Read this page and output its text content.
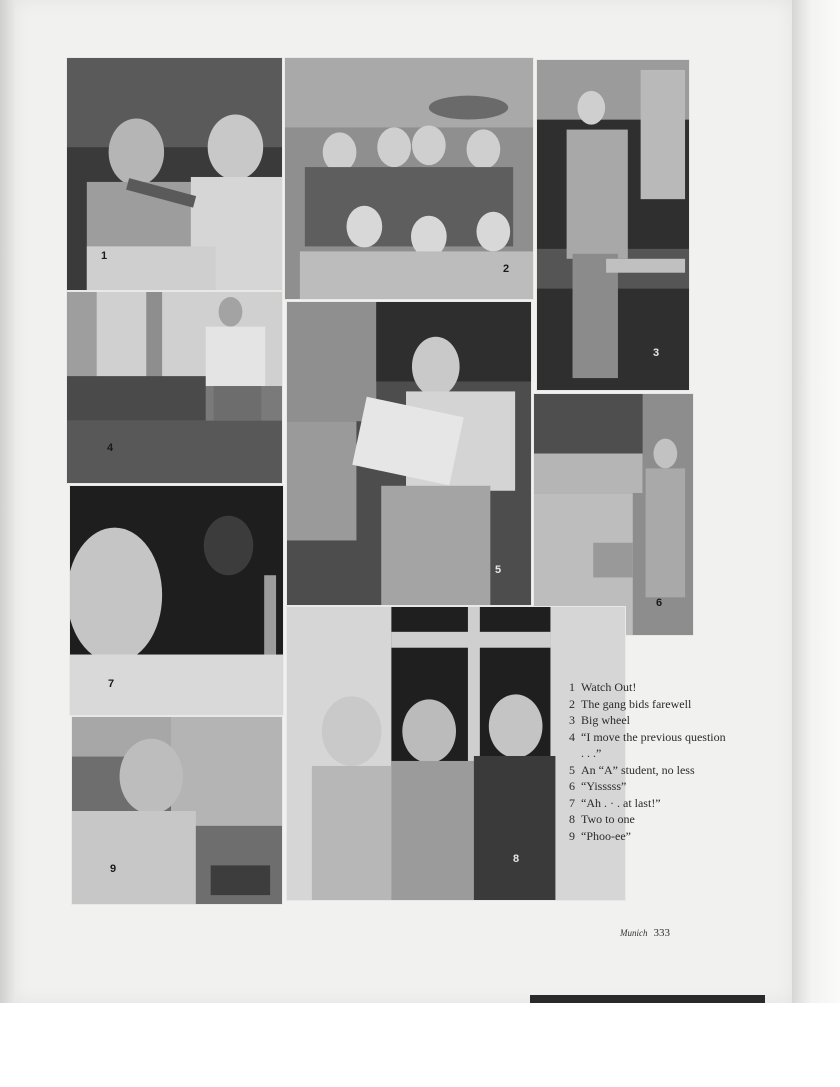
1
2
3
4
5
6
7
8
9
1 Watch Out!
2 The gang bids farewell
3 Big wheel
4 “I move the previous question . . .”
5 An “A” student, no less
6 “Yisssss”
7 “Ah . · . at last!”
8 Two to one
9 “Phoo-ee”
Munich 333
